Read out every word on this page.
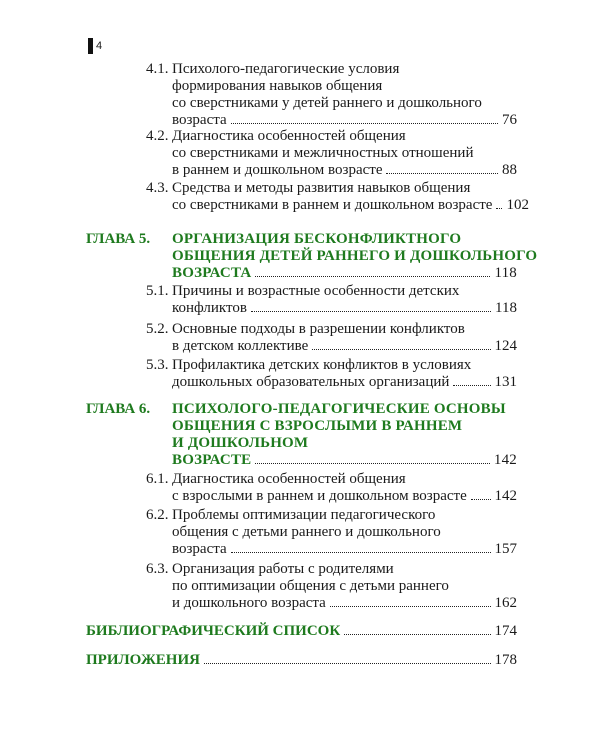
4
4.1. Психолого-педагогические условия
формирования навыков общения
со сверстниками у детей раннего и дошкольного
возраста	76
4.2. Диагностика особенностей общения
со сверстниками и межличностных отношений
в раннем и дошкольном возрасте	88
4.3. Средства и методы развития навыков общения
со сверстниками в раннем и дошкольном возрасте 102
ГЛАВА 5. ОРГАНИЗАЦИЯ БЕСКОНФЛИКТНОГО
ОБЩЕНИЯ ДЕТЕЙ РАННЕГО И ДОШКОЛЬНОГО
ВОЗРАСТА	118
5.1. Причины и возрастные особенности детских
конфликтов	118
5.2. Основные подходы в разрешении конфликтов
в детском коллективе	124
5.3. Профилактика детских конфликтов в условиях
дошкольных образовательных организаций	131
ГЛАВА 6. ПСИХОЛОГО-ПЕДАГОГИЧЕСКИЕ ОСНОВЫ
ОБЩЕНИЯ С ВЗРОСЛЫМИ В РАННЕМ
И ДОШКОЛЬНОМ
ВОЗРАСТЕ	142
6.1. Диагностика особенностей общения
с взрослыми в раннем и дошкольном возрасте 142
6.2. Проблемы оптимизации педагогического
общения с детьми раннего и дошкольного
возраста	157
6.3. Организация работы с родителями
по оптимизации общения с детьми раннего
и дошкольного возраста	162
БИБЛИОГРАФИЧЕСКИЙ СПИСОК	174
ПРИЛОЖЕНИЯ	178
